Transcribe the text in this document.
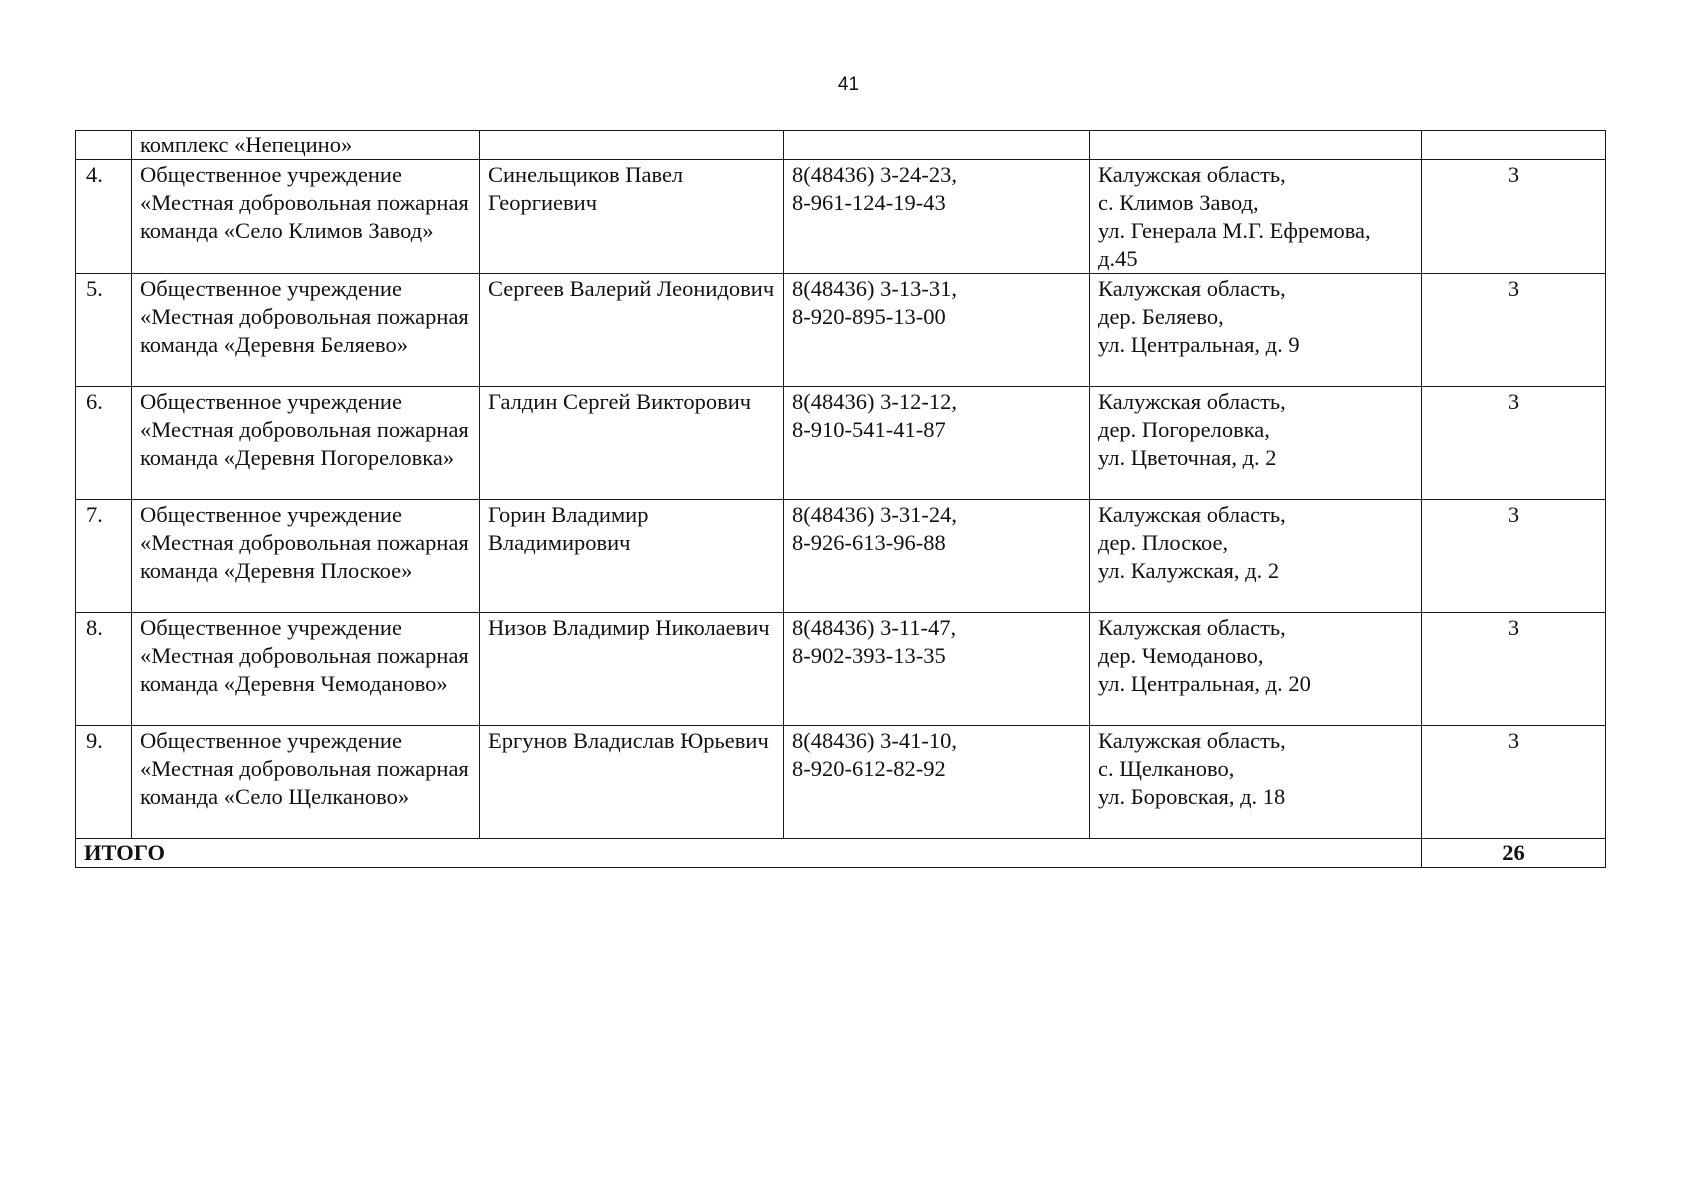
41
	комплекс «Непецино»				
4.	Общественное учреждение «Местная добровольная пожарная команда «Село Климов Завод»	Синельщиков Павел Георгиевич	8(48436) 3-24-23,
8-961-124-19-43	Калужская область,
с. Климов Завод,
ул. Генерала М.Г. Ефремова, д.45	3
5.	Общественное учреждение «Местная добровольная пожарная команда «Деревня Беляево»	Сергеев Валерий Леонидович	8(48436) 3-13-31,
8-920-895-13-00	Калужская область,
дер. Беляево,
ул. Центральная, д. 9	3
6.	Общественное учреждение «Местная добровольная пожарная команда «Деревня Погореловка»	Галдин Сергей Викторович	8(48436) 3-12-12,
8-910-541-41-87	Калужская область,
дер. Погореловка,
ул. Цветочная, д. 2	3
7.	Общественное учреждение «Местная добровольная пожарная команда «Деревня Плоское»	Горин Владимир Владимирович	8(48436) 3-31-24,
8-926-613-96-88	Калужская область,
дер. Плоское,
ул. Калужская, д. 2	3
8.	Общественное учреждение «Местная добровольная пожарная команда «Деревня Чемоданово»	Низов Владимир Николаевич	8(48436) 3-11-47,
8-902-393-13-35	Калужская область,
дер. Чемоданово,
ул. Центральная, д. 20	3
9.	Общественное учреждение «Местная добровольная пожарная команда «Село Щелканово»	Ергунов Владислав Юрьевич	8(48436) 3-41-10,
8-920-612-82-92	Калужская область,
с. Щелканово,
ул. Боровская, д. 18	3
ИТОГО					26
